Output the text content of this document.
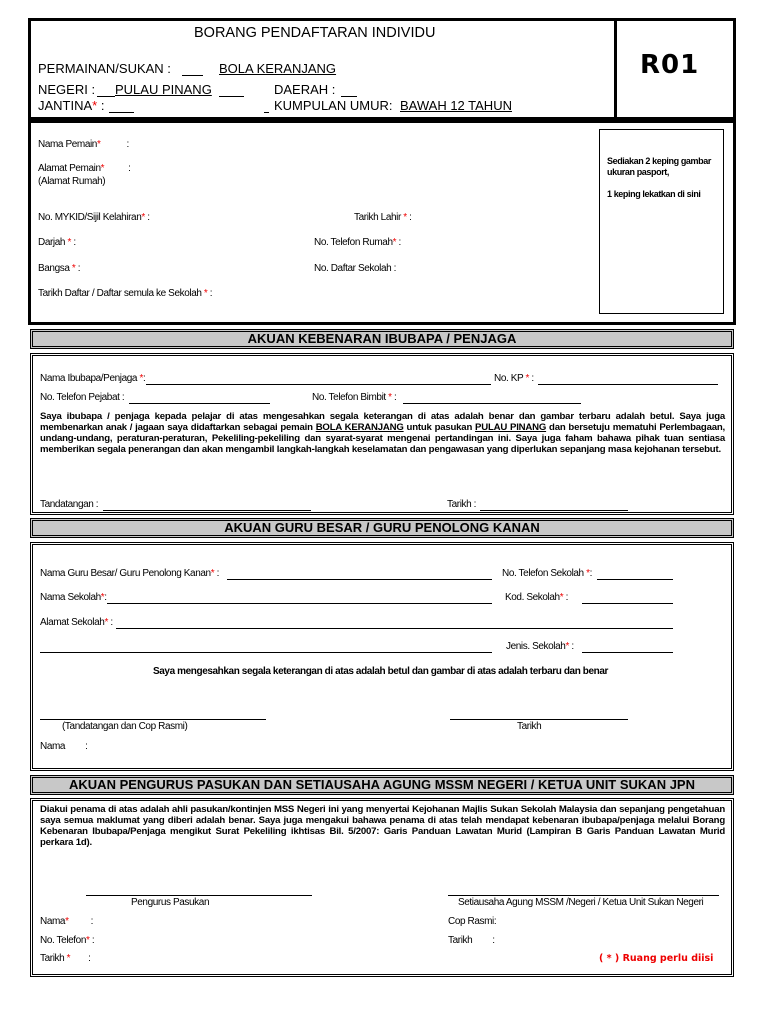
BORANG PENDAFTARAN INDIVIDU
R01
PERMAINAN/SUKAN :	BOLA KERANJANG
NEGERI : PULAU PINANG	DAERAH :
JANTINA* :	KUMPULAN UMUR: BAWAH 12 TAHUN
Sediakan 2 keping gambar ukuran pasport,
1 keping lekatkan di sini
Nama Pemain*	:
Alamat Pemain* :
(Alamat Rumah)
No. MYKID/Sijil Kelahiran* :	Tarikh Lahir * :
Darjah * :	No. Telefon Rumah* :
Bangsa * :	No. Daftar Sekolah :
Tarikh Daftar / Daftar semula ke Sekolah * :
AKUAN KEBENARAN IBUBAPA / PENJAGA
Nama Ibubapa/Penjaga *:	No. KP * :
No. Telefon Pejabat :	No. Telefon Bimbit * :
Saya ibubapa / penjaga kepada pelajar di atas mengesahkan segala keterangan di atas adalah benar dan gambar terbaru adalah betul. Saya juga membenarkan anak / jagaan saya didaftarkan sebagai pemain BOLA KERANJANG untuk pasukan PULAU PINANG dan bersetuju mematuhi Perlembagaan, undang-undang, peraturan-peraturan, Pekeliling-pekeliling dan syarat-syarat mengenai pertandingan ini. Saya juga faham bahawa pihak tuan sentiasa memberikan segala penerangan dan akan mengambil langkah-langkah keselamatan dan pengawasan yang diperlukan sepanjang masa kejohanan tersebut.
Tandatangan :	Tarikh :
AKUAN GURU BESAR / GURU PENOLONG KANAN
Nama Guru Besar/ Guru Penolong Kanan* :	No. Telefon Sekolah *:
Nama Sekolah*:	Kod. Sekolah* :
Alamat Sekolah* :
Jenis. Sekolah* :
Saya mengesahkan segala keterangan di atas adalah betul dan gambar di atas adalah terbaru dan benar
(Tandatangan dan Cop Rasmi)	Tarikh
Nama :
AKUAN PENGURUS PASUKAN DAN SETIAUSAHA AGUNG MSSM NEGERI / KETUA UNIT SUKAN JPN
Diakui penama di atas adalah ahli pasukan/kontinjen MSS Negeri ini yang menyertai Kejohanan Majlis Sukan Sekolah Malaysia dan sepanjang pengetahuan saya semua maklumat yang diberi adalah benar. Saya juga mengakui bahawa penama di atas telah mendapat kebenaran ibubapa/penjaga melalui Borang Kebenaran Ibubapa/Penjaga mengikut Surat Pekeliling ikhtisas Bil. 5/2007: Garis Panduan Lawatan Murid (Lampiran B Garis Panduan Lawatan Murid perkara 1d).
Pengurus Pasukan	Setiausaha Agung MSSM /Negeri / Ketua Unit Sukan Negeri
Nama* :	Cop Rasmi:
No. Telefon* :	Tarikh :
Tarikh * :	( * ) Ruang perlu diisi
